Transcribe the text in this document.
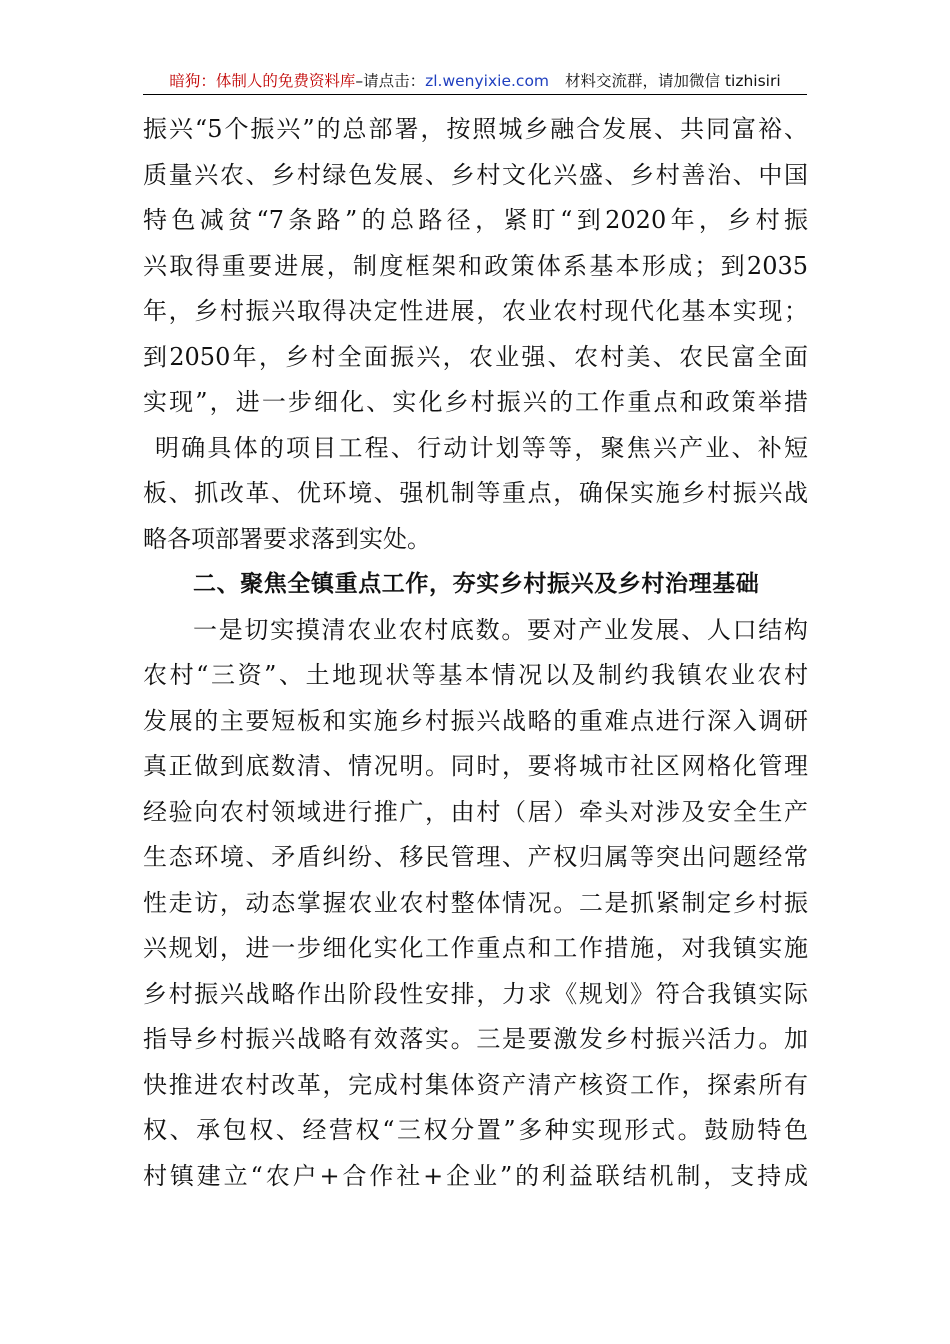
暗狗：体制人的免费资料库–请点击：zl.wenyixie.com 材料交流群，请加微信 tizhisiri
振兴“5个振兴”的总部署，按照城乡融合发展、共同富裕、
质量兴农、乡村绿色发展、乡村文化兴盛、乡村善治、中国
特色减贫“7条路”的总路径，紧盯“到2020年，乡村振
兴取得重要进展，制度框架和政策体系基本形成；到2035
年，乡村振兴取得决定性进展，农业农村现代化基本实现；
到2050年，乡村全面振兴，农业强、农村美、农民富全面
实现”，进一步细化、实化乡村振兴的工作重点和政策举措
明确具体的项目工程、行动计划等等，聚焦兴产业、补短
板、抓改革、优环境、强机制等重点，确保实施乡村振兴战
略各项部署要求落到实处。
二、聚焦全镇重点工作，夯实乡村振兴及乡村治理基础
一是切实摸清农业农村底数。要对产业发展、人口结构
农村“三资”、土地现状等基本情况以及制约我镇农业农村
发展的主要短板和实施乡村振兴战略的重难点进行深入调研
真正做到底数清、情况明。同时，要将城市社区网格化管理
经验向农村领域进行推广，由村（居）牵头对涉及安全生产
生态环境、矛盾纠纷、移民管理、产权归属等突出问题经常
性走访，动态掌握农业农村整体情况。二是抓紧制定乡村振
兴规划，进一步细化实化工作重点和工作措施，对我镇实施
乡村振兴战略作出阶段性安排，力求《规划》符合我镇实际
指导乡村振兴战略有效落实。三是要激发乡村振兴活力。加
快推进农村改革，完成村集体资产清产核资工作，探索所有
权、承包权、经营权“三权分置”多种实现形式。鼓励特色
村镇建立“农户+合作社+企业”的利益联结机制，支持成
